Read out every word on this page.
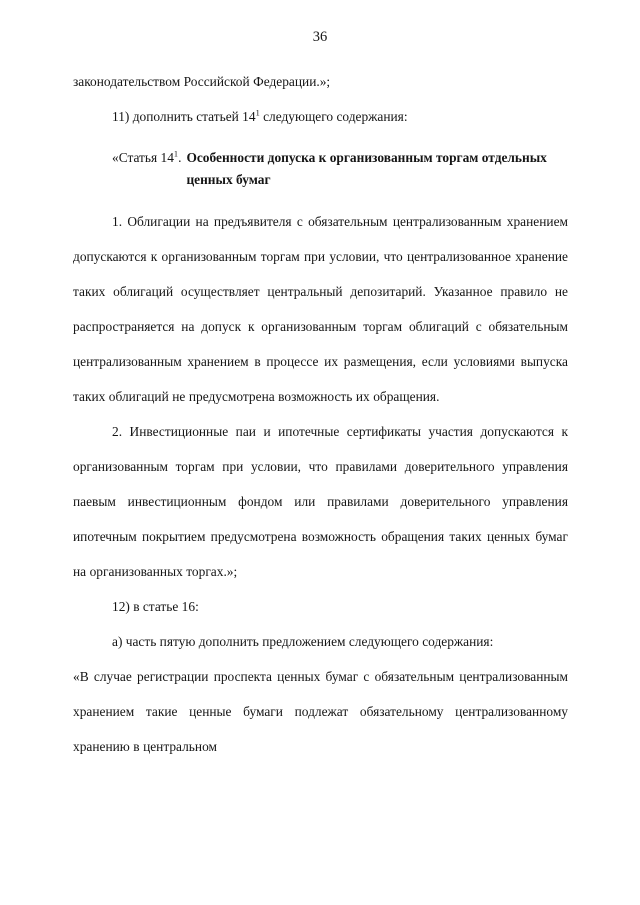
36

законодательством Российской Федерации.»;

11) дополнить статьей $14^1$ следующего содержания:

«Статья $14^1$. Особенности допуска к организованным торгам отдельных ценных бумаг

1. Облигации на предъявителя с обязательным централизованным хранением допускаются к организованным торгам при условии, что централизованное хранение таких облигаций осуществляет центральный депозитарий. Указанное правило не распространяется на допуск к организованным торгам облигаций с обязательным централизованным хранением в процессе их размещения, если условиями выпуска таких облигаций не предусмотрена возможность их обращения.

2. Инвестиционные паи и ипотечные сертификаты участия допускаются к организованным торгам при условии, что правилами доверительного управления паевым инвестиционным фондом или правилами доверительного управления ипотечным покрытием предусмотрена возможность обращения таких ценных бумаг на организованных торгах.»;

12) в статье 16:

а) часть пятую дополнить предложением следующего содержания:

«В случае регистрации проспекта ценных бумаг с обязательным централизованным хранением такие ценные бумаги подлежат обязательному централизованному хранению в центральном
